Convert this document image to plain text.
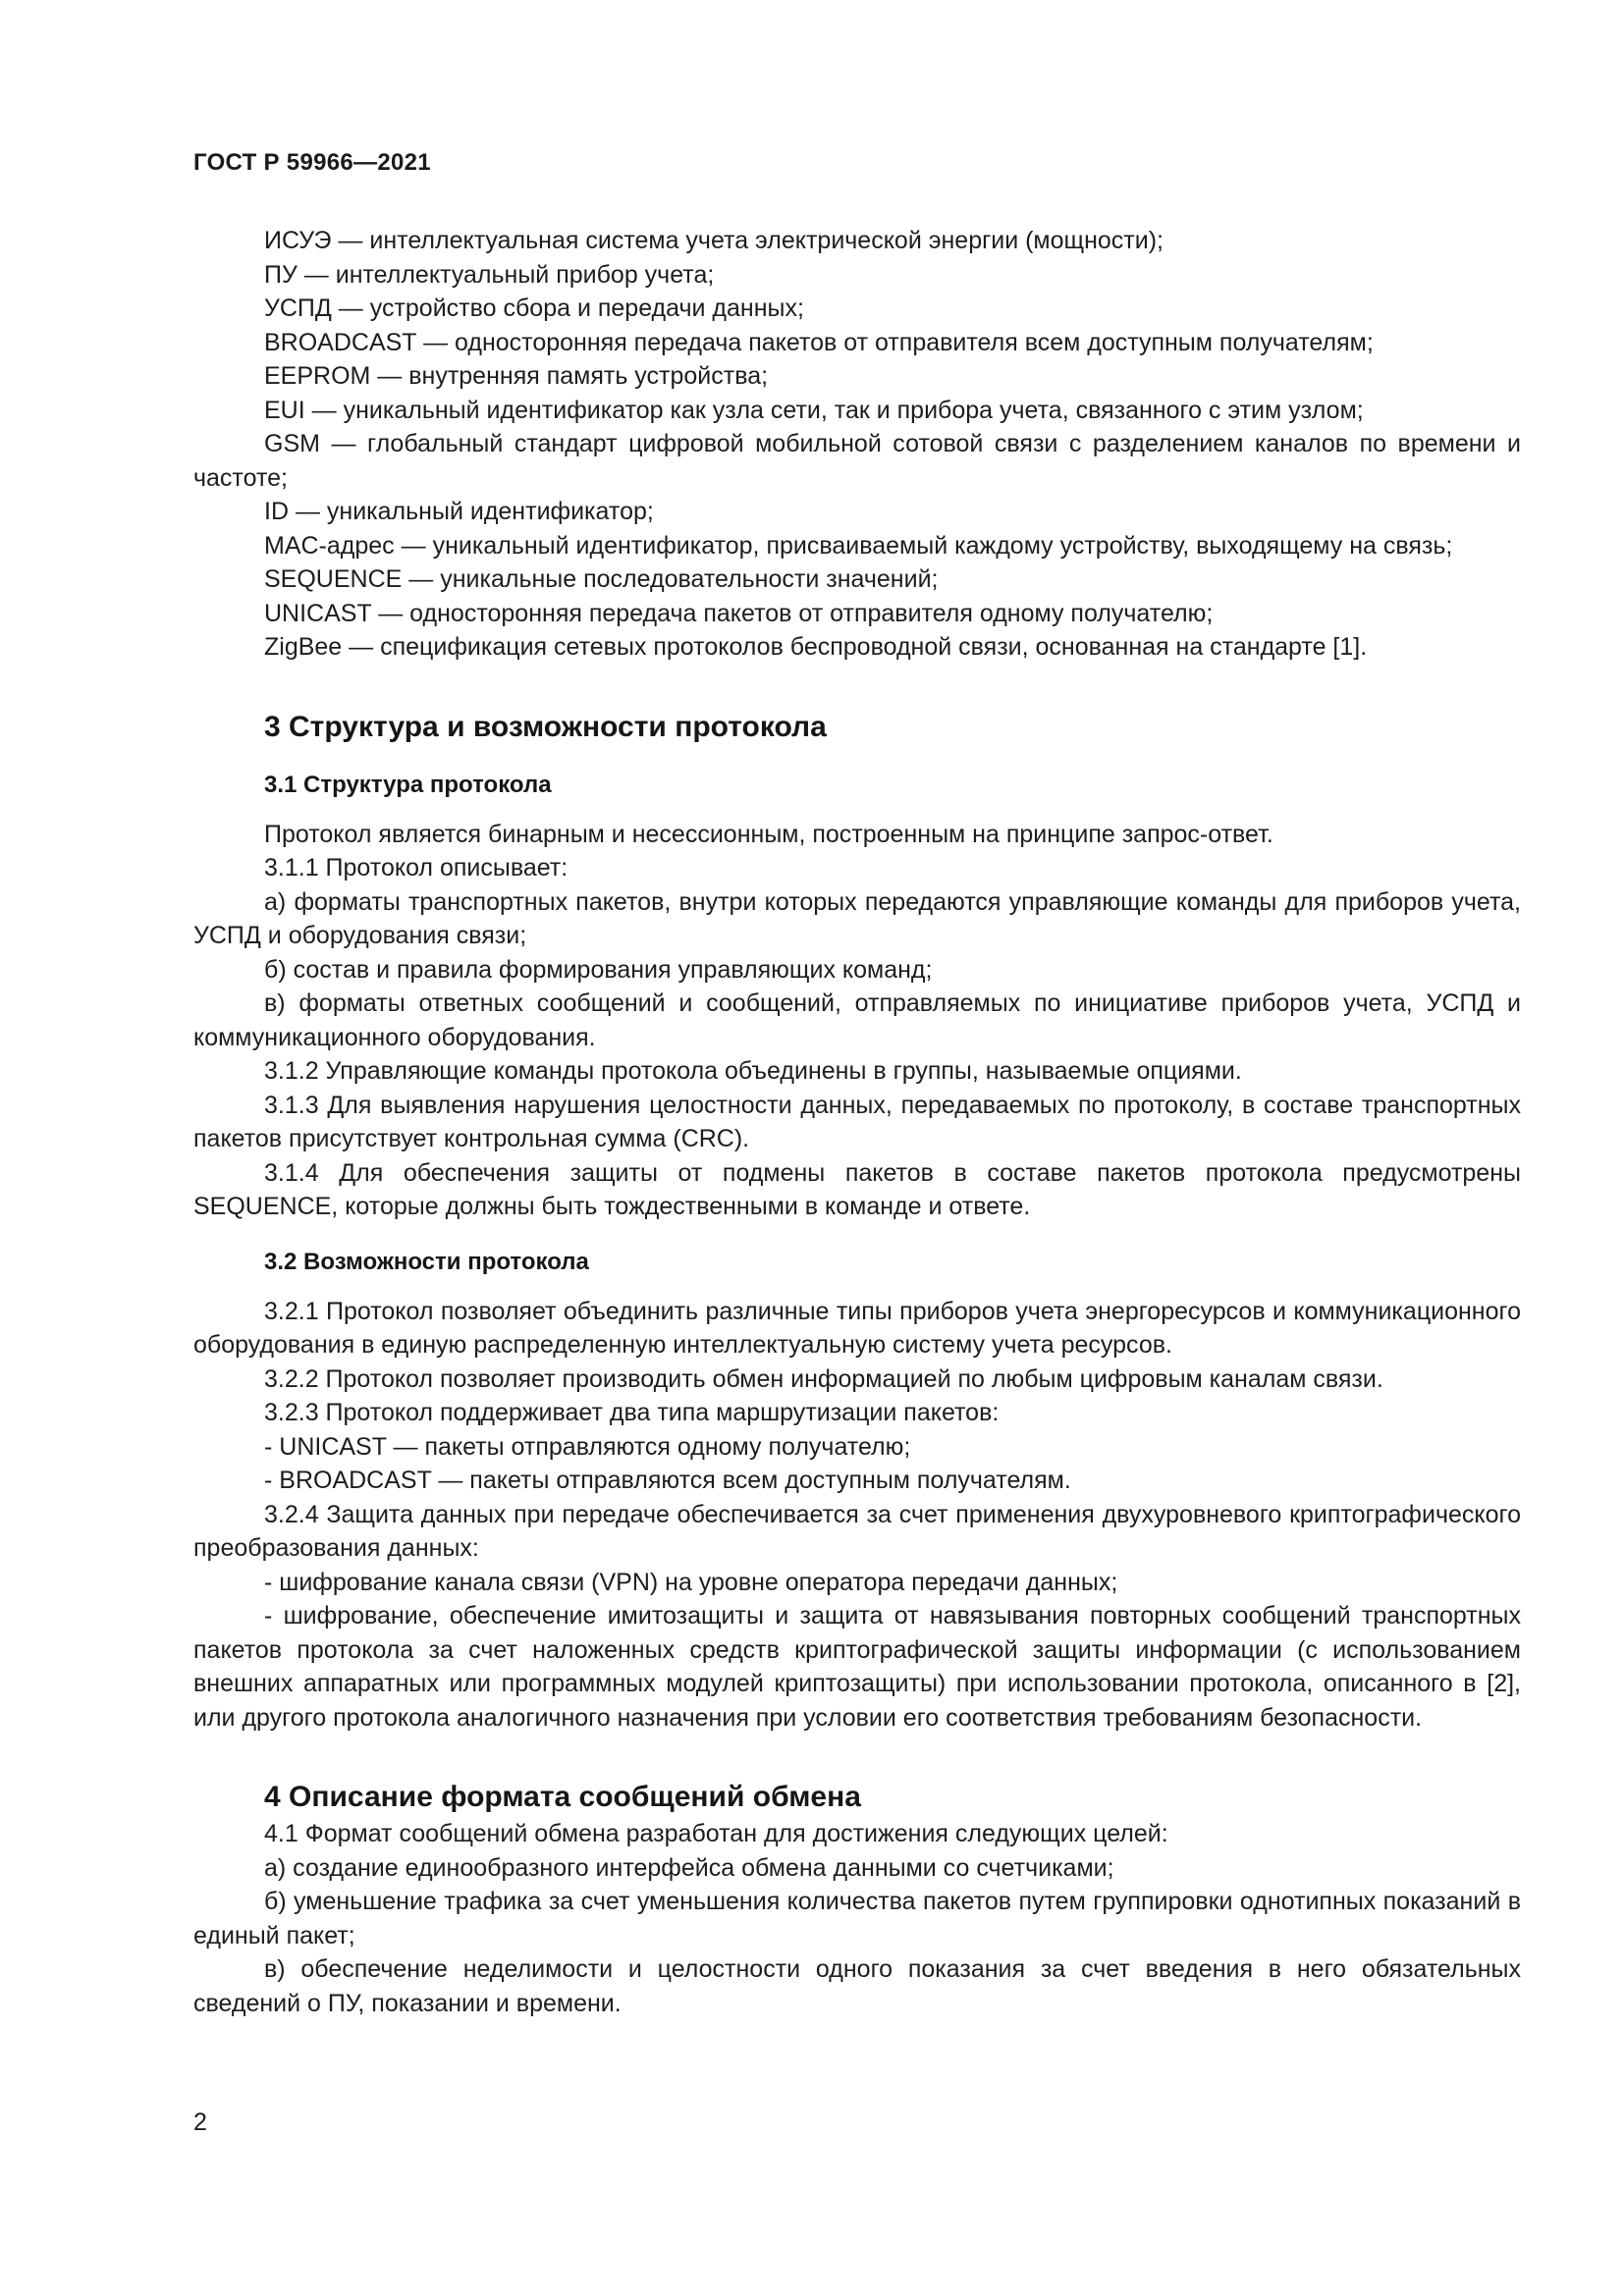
ГОСТ Р 59966—2021

ИСУЭ — интеллектуальная система учета электрической энергии (мощности);

ПУ — интеллектуальный прибор учета;

УСПД — устройство сбора и передачи данных;

BROADCAST — односторонняя передача пакетов от отправителя всем доступным получателям;

EEPROM — внутренняя память устройства;

EUI — уникальный идентификатор как узла сети, так и прибора учета, связанного с этим узлом;

GSM — глобальный стандарт цифровой мобильной сотовой связи с разделением каналов по времени и частоте;

ID — уникальный идентификатор;

MAC-адрес — уникальный идентификатор, присваиваемый каждому устройству, выходящему на связь;

SEQUENCE — уникальные последовательности значений;

UNICAST — односторонняя передача пакетов от отправителя одному получателю;

ZigBee — спецификация сетевых протоколов беспроводной связи, основанная на стандарте [1].

3 Структура и возможности протокола
3.1 Структура протокола

Протокол является бинарным и несессионным, построенным на принципе запрос-ответ.

3.1.1 Протокол описывает:

а) форматы транспортных пакетов, внутри которых передаются управляющие команды для приборов учета, УСПД и оборудования связи;

б) состав и правила формирования управляющих команд;

в) форматы ответных сообщений и сообщений, отправляемых по инициативе приборов учета, УСПД и коммуникационного оборудования.

3.1.2 Управляющие команды протокола объединены в группы, называемые опциями.

3.1.3 Для выявления нарушения целостности данных, передаваемых по протоколу, в составе транспортных пакетов присутствует контрольная сумма (CRC).

3.1.4 Для обеспечения защиты от подмены пакетов в составе пакетов протокола предусмотрены SEQUENCE, которые должны быть тождественными в команде и ответе.

3.2 Возможности протокола

3.2.1 Протокол позволяет объединить различные типы приборов учета энергоресурсов и коммуникационного оборудования в единую распределенную интеллектуальную систему учета ресурсов.

3.2.2 Протокол позволяет производить обмен информацией по любым цифровым каналам связи.

3.2.3 Протокол поддерживает два типа маршрутизации пакетов:

- UNICAST — пакеты отправляются одному получателю;

- BROADCAST — пакеты отправляются всем доступным получателям.

3.2.4 Защита данных при передаче обеспечивается за счет применения двухуровневого криптографического преобразования данных:

- шифрование канала связи (VPN) на уровне оператора передачи данных;

- шифрование, обеспечение имитозащиты и защита от навязывания повторных сообщений транспортных пакетов протокола за счет наложенных средств криптографической защиты информации (с использованием внешних аппаратных или программных модулей криптозащиты) при использовании протокола, описанного в [2], или другого протокола аналогичного назначения при условии его соответствия требованиям безопасности.

4 Описание формата сообщений обмена

4.1 Формат сообщений обмена разработан для достижения следующих целей:

а) создание единообразного интерфейса обмена данными со счетчиками;

б) уменьшение трафика за счет уменьшения количества пакетов путем группировки однотипных показаний в единый пакет;

в) обеспечение неделимости и целостности одного показания за счет введения в него обязательных сведений о ПУ, показании и времени.

2
